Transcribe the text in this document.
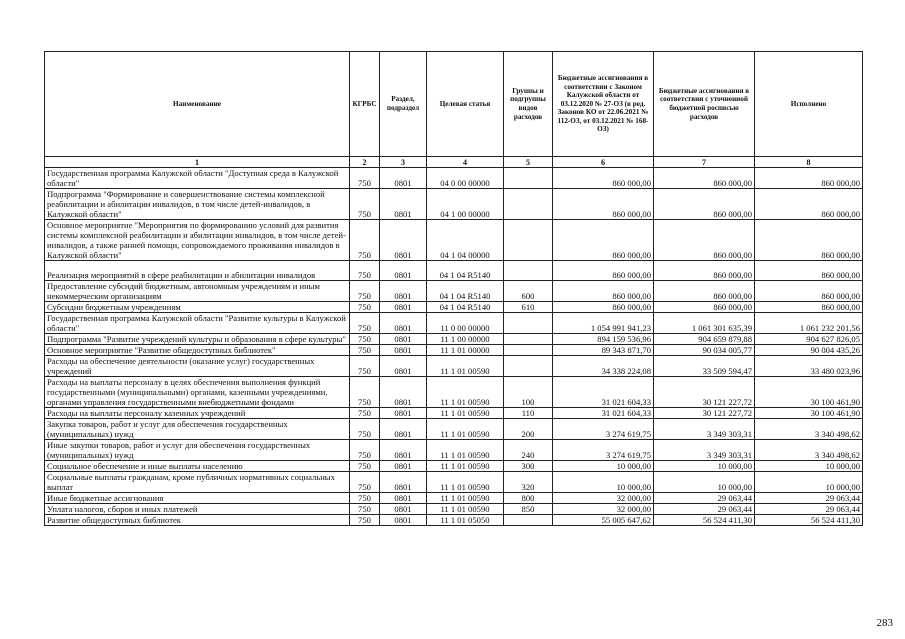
Наименование	КГРБС	Раздел, подраздел	Целевая статья	Группы и подгруппы видов расходов	Бюджетные ассигнования в соответствии с Законом Калужской области от 03.12.2020 № 27-ОЗ (в ред. Законов КО от 22.06.2021 № 112-ОЗ, от 03.12.2021 № 168-ОЗ)	Бюджетные ассигнования в соответствии с уточненной бюджетной росписью расходов	Исполнено
1	2	3	4	5	6	7	8
Государственная программа Калужской области "Доступная среда в Калужской области"	750	0801	04 0 00 00000		860 000,00	860 000,00	860 000,00
Подпрограмма "Формирование и совершенствование системы комплексной реабилитации и абилитации инвалидов, в том числе детей-инвалидов, в Калужской области"	750	0801	04 1 00 00000		860 000,00	860 000,00	860 000,00
Основное мероприятие "Мероприятия по формированию условий для развития системы комплексной реабилитации и абилитации инвалидов, в том числе детей-инвалидов, а также ранней помощи, сопровождаемого проживания инвалидов в Калужской области"	750	0801	04 1 04 00000		860 000,00	860 000,00	860 000,00
Реализация мероприятий в сфере реабилитации и абилитации инвалидов	750	0801	04 1 04 R5140		860 000,00	860 000,00	860 000,00
Предоставление субсидий бюджетным, автономным учреждениям и иным некоммерческим организациям	750	0801	04 1 04 R5140	600	860 000,00	860 000,00	860 000,00
Субсидии бюджетным учреждениям	750	0801	04 1 04 R5140	610	860 000,00	860 000,00	860 000,00
Государственная программа Калужской области "Развитие культуры в Калужской области"	750	0801	11 0 00 00000		1 054 991 941,23	1 061 301 635,39	1 061 232 201,56
Подпрограмма "Развитие учреждений культуры и образования в сфере культуры"	750	0801	11 1 00 00000		894 159 536,96	904 659 879,88	904 627 826,05
Основное мероприятие "Развитие общедоступных библиотек"	750	0801	11 1 01 00000		89 343 871,70	90 034 005,77	90 004 435,26
Расходы на обеспечение деятельности (оказание услуг) государственных учреждений	750	0801	11 1 01 00590		34 338 224,08	33 509 594,47	33 480 023,96
Расходы на выплаты персоналу в целях обеспечения выполнения функций государственными (муниципальными) органами, казенными учреждениями, органами управления государственными внебюджетными фондами	750	0801	11 1 01 00590	100	31 021 604,33	30 121 227,72	30 100 461,90
Расходы на выплаты персоналу казенных учреждений	750	0801	11 1 01 00590	110	31 021 604,33	30 121 227,72	30 100 461,90
Закупка товаров, работ и услуг для обеспечения государственных (муниципальных) нужд	750	0801	11 1 01 00590	200	3 274 619,75	3 349 303,31	3 340 498,62
Иные закупки товаров, работ и услуг для обеспечения государственных (муниципальных) нужд	750	0801	11 1 01 00590	240	3 274 619,75	3 349 303,31	3 340 498,62
Социальное обеспечение и иные выплаты населению	750	0801	11 1 01 00590	300	10 000,00	10 000,00	10 000,00
Социальные выплаты гражданам, кроме публичных нормативных социальных выплат	750	0801	11 1 01 00590	320	10 000,00	10 000,00	10 000,00
Иные бюджетные ассигнования	750	0801	11 1 01 00590	800	32 000,00	29 063,44	29 063,44
Уплата налогов, сборов и иных платежей	750	0801	11 1 01 00590	850	32 000,00	29 063,44	29 063,44
Развитие общедоступных библиотек	750	0801	11 1 01 05050		55 005 647,62	56 524 411,30	56 524 411,30
283
